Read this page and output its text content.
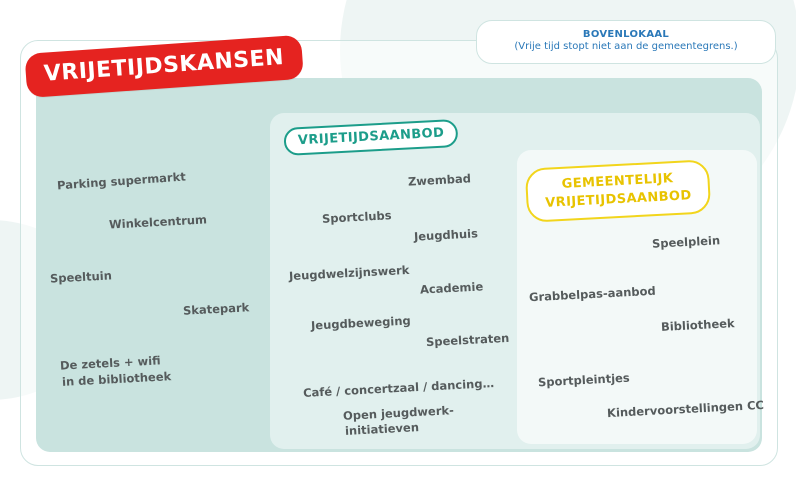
BOVENLOKAAL
(Vrije tijd stopt niet aan de gemeentegrens.)
VRIJETIJDSKANSEN
VRIJETIJDSAANBOD
GEMEENTELIJK
VRIJETIJDSAANBOD
Parking supermarkt
Winkelcentrum
Speeltuin
Skatepark
De zetels + wifi
in de bibliotheek
Zwembad
Sportclubs
Jeugdhuis
Jeugdwelzijnswerk
Academie
Jeugdbeweging
Speelstraten
Café / concertzaal / dancing…
Open jeugdwerk-
initiatieven
Speelplein
Grabbelpas-aanbod
Bibliotheek
Sportpleintjes
Kindervoorstellingen CC
